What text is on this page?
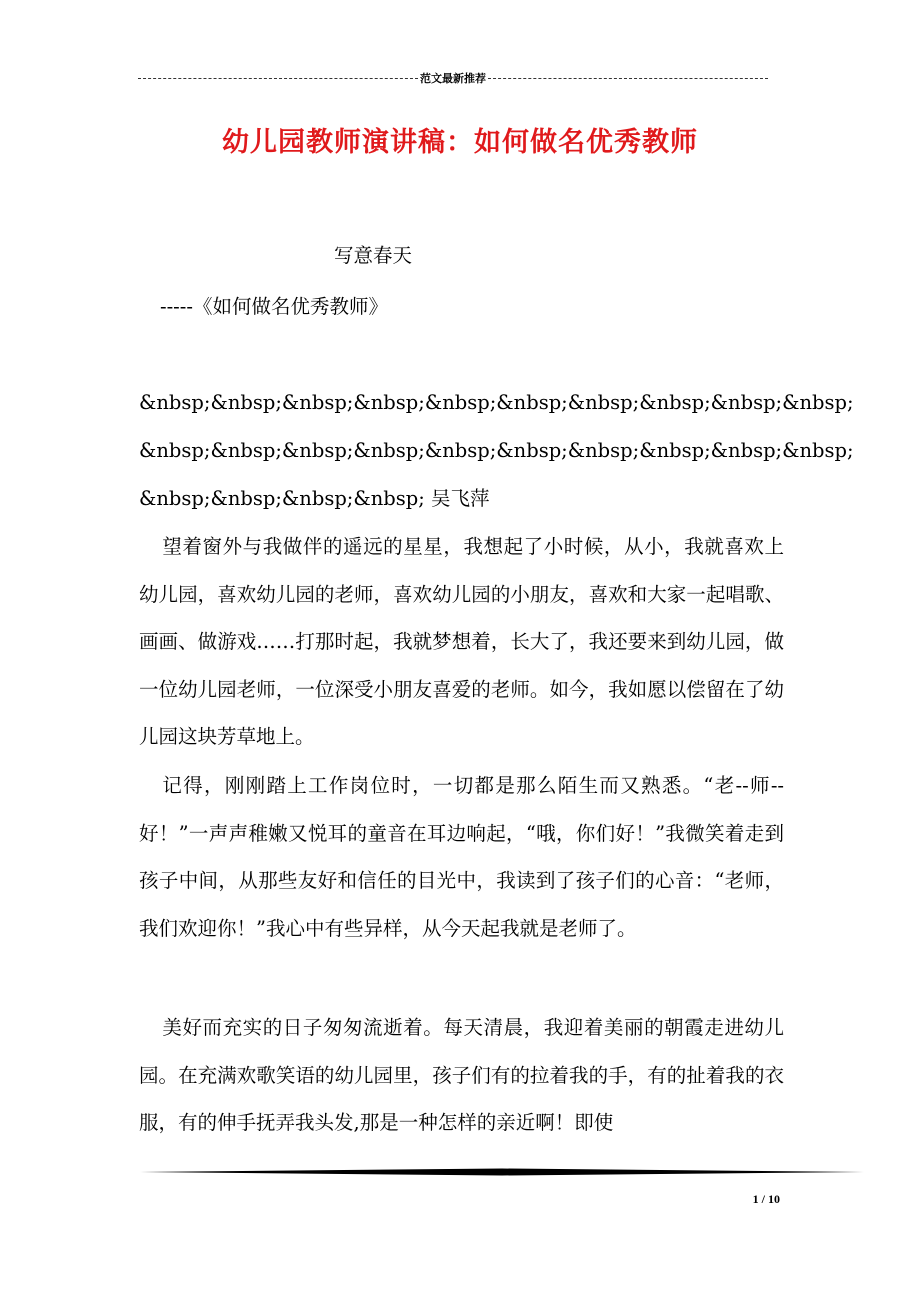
范文最新推荐
幼儿园教师演讲稿：如何做名优秀教师
写意春天
-----《如何做名优秀教师》
&nbsp;&nbsp;&nbsp;&nbsp;&nbsp;&nbsp;&nbsp;&nbsp;&nbsp;&nbsp;
&nbsp;&nbsp;&nbsp;&nbsp;&nbsp;&nbsp;&nbsp;&nbsp;&nbsp;&nbsp;
&nbsp;&nbsp;&nbsp;&nbsp; 吴飞萍
望着窗外与我做伴的遥远的星星，我想起了小时候，从小，我就喜欢上幼儿园，喜欢幼儿园的老师，喜欢幼儿园的小朋友，喜欢和大家一起唱歌、画画、做游戏……打那时起，我就梦想着，长大了，我还要来到幼儿园，做一位幼儿园老师，一位深受小朋友喜爱的老师。如今，我如愿以偿留在了幼儿园这块芳草地上。
记得，刚刚踏上工作岗位时，一切都是那么陌生而又熟悉。“老--师--好！”一声声稚嫩又悦耳的童音在耳边响起，“哦，你们好！”我微笑着走到孩子中间，从那些友好和信任的目光中，我读到了孩子们的心音：“老师，我们欢迎你！”我心中有些异样，从今天起我就是老师了。
美好而充实的日子匆匆流逝着。每天清晨，我迎着美丽的朝霞走进幼儿园。在充满欢歌笑语的幼儿园里，孩子们有的拉着我的手，有的扯着我的衣服，有的伸手抚弄我头发,那是一种怎样的亲近啊！即使
1 / 10
